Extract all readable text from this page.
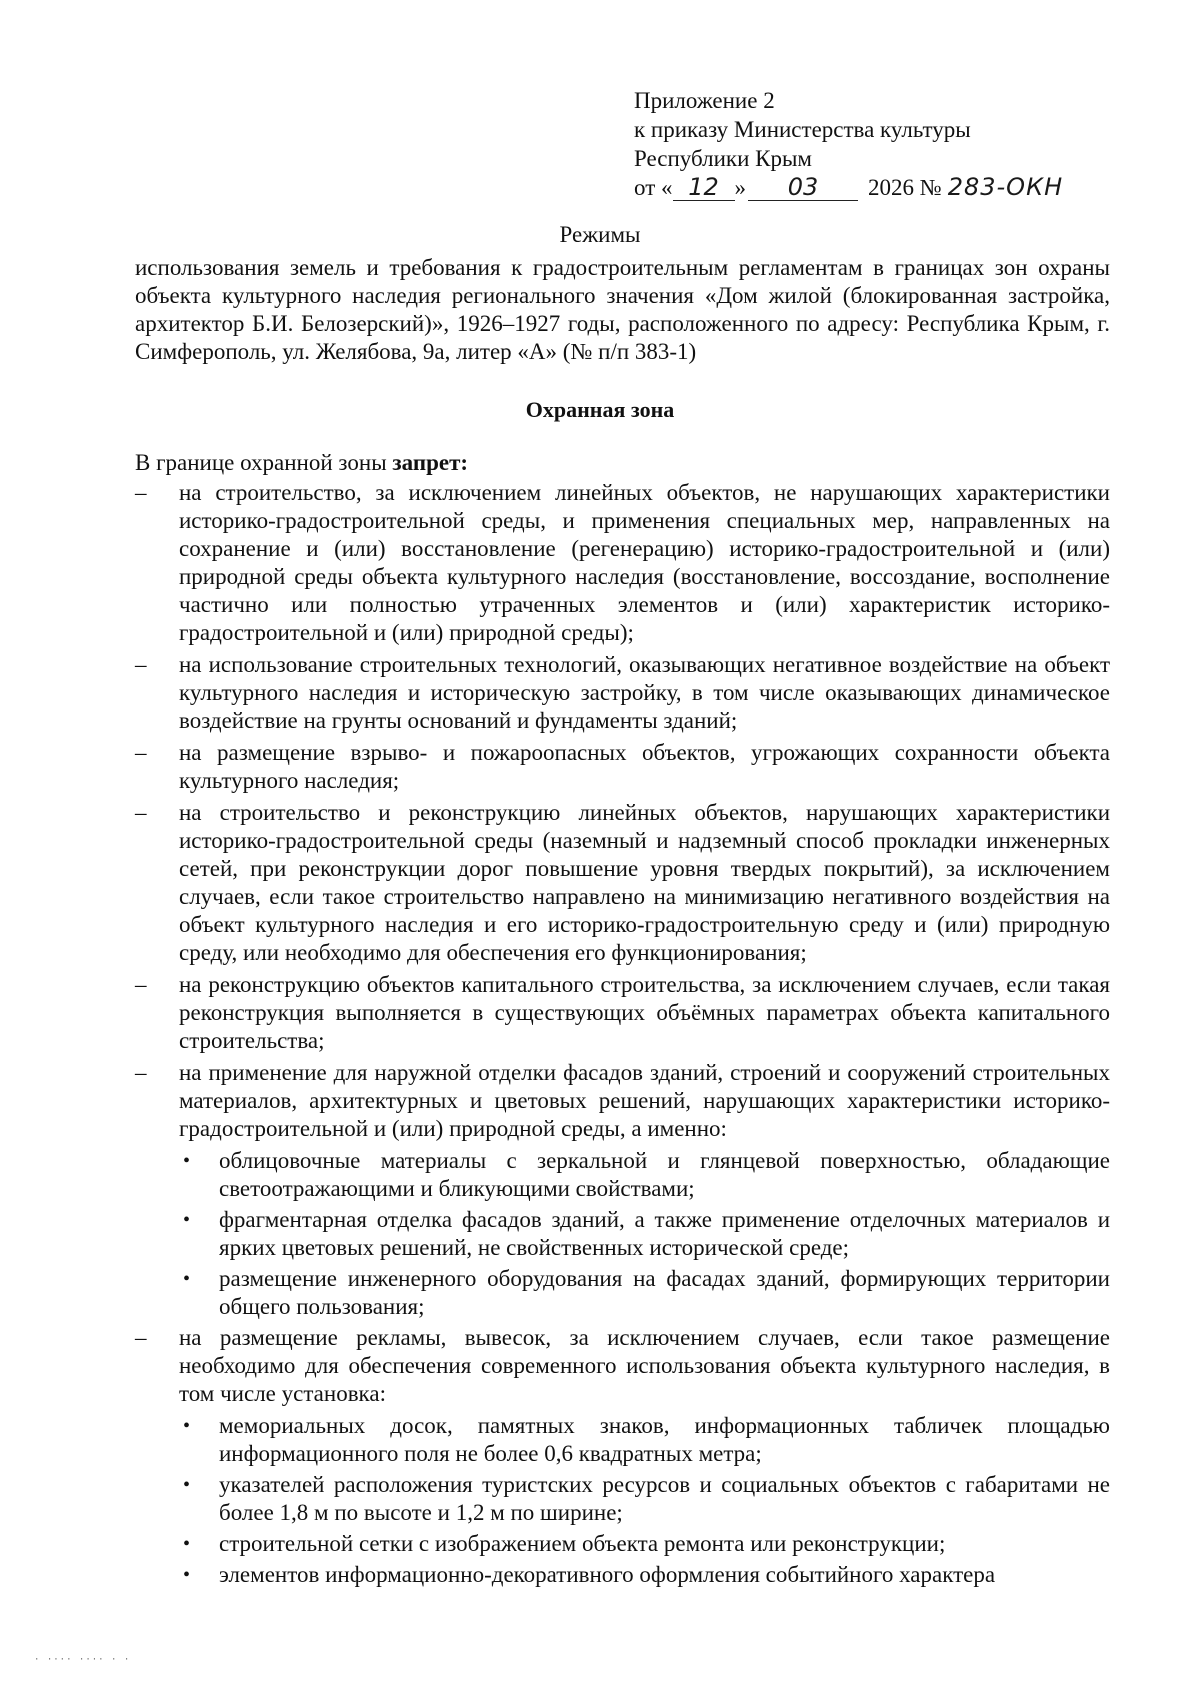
Приложение 2
к приказу Министерства культуры
Республики Крым
от « 12 » 03 2026 № 283-ОКН
Режимы
использования земель и требования к градостроительным регламентам в границах зон охраны объекта культурного наследия регионального значения «Дом жилой (блокированная застройка, архитектор Б.И. Белозерский)», 1926–1927 годы, расположенного по адресу: Республика Крым, г. Симферополь, ул. Желябова, 9а, литер «А» (№ п/п 383-1)
Охранная зона
В границе охранной зоны запрет:
– на строительство, за исключением линейных объектов, не нарушающих характеристики историко-градостроительной среды, и применения специальных мер, направленных на сохранение и (или) восстановление (регенерацию) историко-градостроительной и (или) природной среды объекта культурного наследия (восстановление, воссоздание, восполнение частично или полностью утраченных элементов и (или) характеристик историко-градостроительной и (или) природной среды);
– на использование строительных технологий, оказывающих негативное воздействие на объект культурного наследия и историческую застройку, в том числе оказывающих динамическое воздействие на грунты оснований и фундаменты зданий;
– на размещение взрыво- и пожароопасных объектов, угрожающих сохранности объекта культурного наследия;
– на строительство и реконструкцию линейных объектов, нарушающих характеристики историко-градостроительной среды (наземный и надземный способ прокладки инженерных сетей, при реконструкции дорог повышение уровня твердых покрытий), за исключением случаев, если такое строительство направлено на минимизацию негативного воздействия на объект культурного наследия и его историко-градостроительную среду и (или) природную среду, или необходимо для обеспечения его функционирования;
– на реконструкцию объектов капитального строительства, за исключением случаев, если такая реконструкция выполняется в существующих объёмных параметрах объекта капитального строительства;
– на применение для наружной отделки фасадов зданий, строений и сооружений строительных материалов, архитектурных и цветовых решений, нарушающих характеристики историко-градостроительной и (или) природной среды, а именно:
• облицовочные материалы с зеркальной и глянцевой поверхностью, обладающие светоотражающими и бликующими свойствами;
• фрагментарная отделка фасадов зданий, а также применение отделочных материалов и ярких цветовых решений, не свойственных исторической среде;
• размещение инженерного оборудования на фасадах зданий, формирующих территории общего пользования;
– на размещение рекламы, вывесок, за исключением случаев, если такое размещение необходимо для обеспечения современного использования объекта культурного наследия, в том числе установка:
• мемориальных досок, памятных знаков, информационных табличек площадью информационного поля не более 0,6 квадратных метра;
• указателей расположения туристских ресурсов и социальных объектов с габаритами не более 1,8 м по высоте и 1,2 м по ширине;
• строительной сетки с изображением объекта ремонта или реконструкции;
• элементов информационно-декоративного оформления событийного характера
· ···· ···· · ·
